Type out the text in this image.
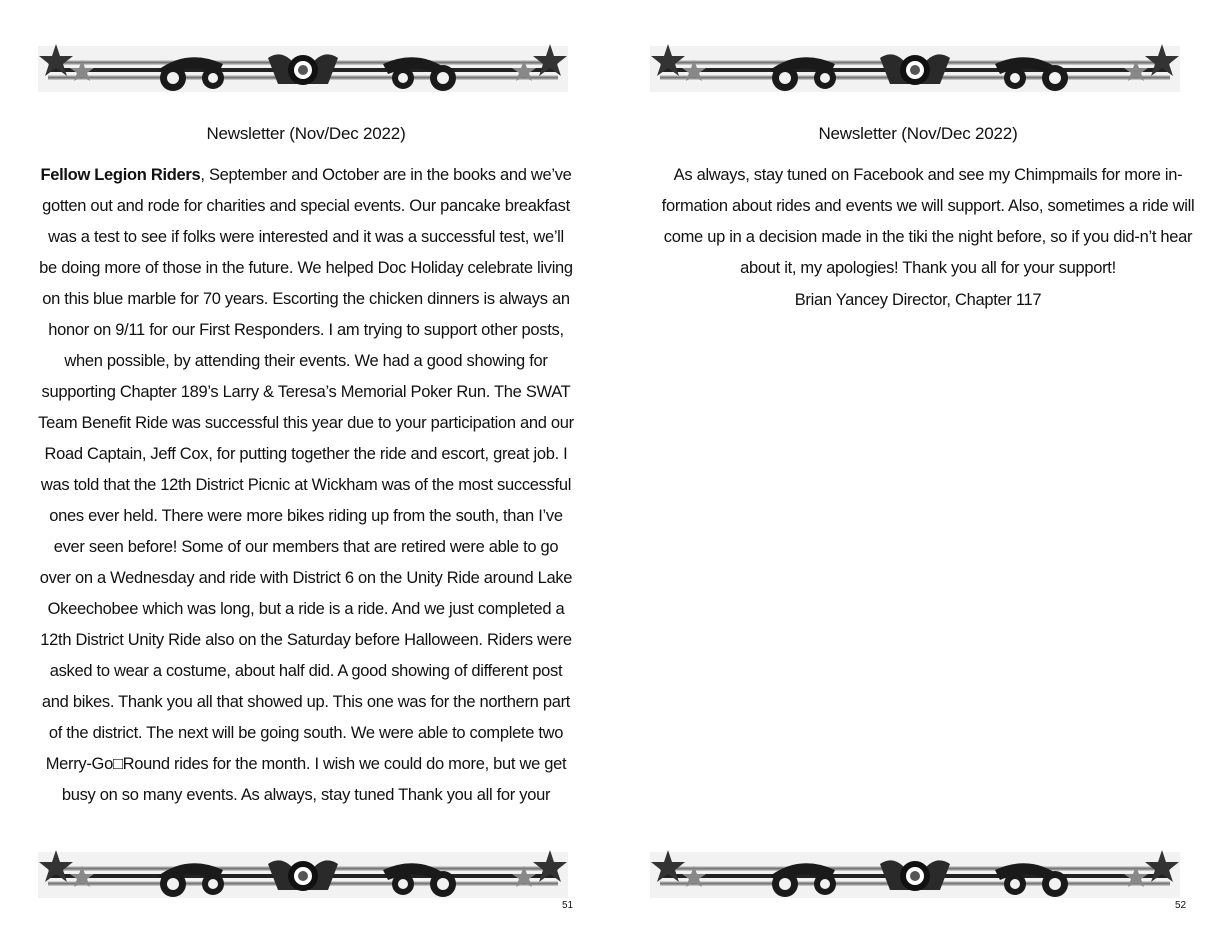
Newsletter (Nov/Dec 2022)
Fellow Legion Riders, September and October are in the books and we’ve gotten out and rode for charities and special events. Our pancake breakfast was a test to see if folks were interested and it was a successful test, we’ll be doing more of those in the future. We helped Doc Holiday celebrate living on this blue marble for 70 years. Escorting the chicken dinners is always an honor on 9/11 for our First Responders. I am trying to support other posts, when possible, by attending their events. We had a good showing for supporting Chapter 189’s Larry & Teresa’s Memorial Poker Run. The SWAT Team Benefit Ride was successful this year due to your participation and our Road Captain, Jeff Cox, for putting together the ride and escort, great job. I was told that the 12th District Picnic at Wickham was of the most successful ones ever held. There were more bikes riding up from the south, than I’ve ever seen before! Some of our members that are retired were able to go over on a Wednesday and ride with District 6 on the Unity Ride around Lake Okeechobee which was long, but a ride is a ride. And we just completed a 12th District Unity Ride also on the Saturday before Halloween. Riders were asked to wear a costume, about half did. A good showing of different post and bikes. Thank you all that showed up. This one was for the northern part of the district. The next will be going south. We were able to complete two Merry-Go□Round rides for the month. I wish we could do more, but we get busy on so many events. As always, stay tuned Thank you all for your
51
Newsletter (Nov/Dec 2022)
As always, stay tuned on Facebook and see my Chimpmails for more in-formation about rides and events we will support. Also, sometimes a ride will come up in a decision made in the tiki the night before, so if you did-n’t hear about it, my apologies! Thank you all for your support!
Brian Yancey Director, Chapter 117
52
